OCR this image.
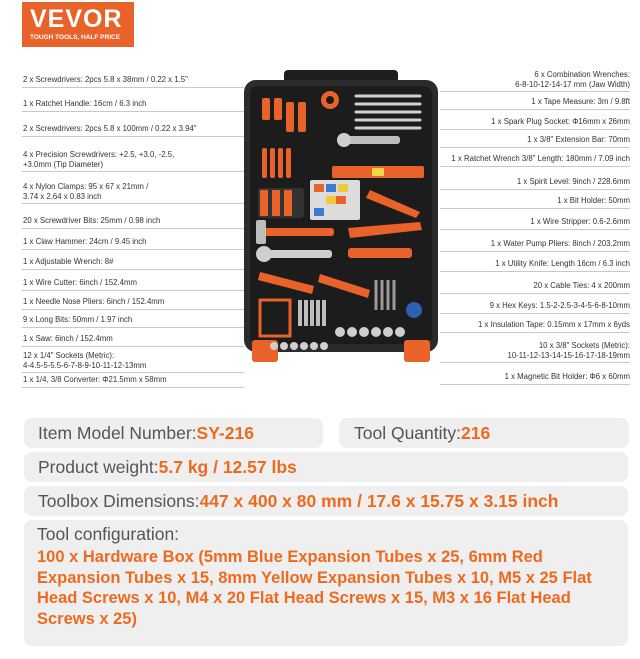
VEVOR
TOUGH TOOLS, HALF PRICE
2 x Screwdrivers: 2pcs 5.8 x 38mm / 0.22 x 1.5"
1 x Ratchet Handle: 16cm / 6.3 inch
2 x Screwdrivers: 2pcs 5.8 x 100mm / 0.22 x 3.94"
4 x Precision Screwdrivers: +2.5, +3.0, -2.5,
+3.0mm (Tip Diameter)
4 x Nylon Clamps: 95 x 67 x 21mm /
3.74 x 2.64 x 0.83 inch
20 x Screwdriver Bits: 25mm / 0.98 inch
1 x Claw Hammer: 24cm / 9.45 inch
1 x Adjustable Wrench: 8#
1 x Wire Cutter: 6inch / 152.4mm
1 x Needle Nose Pliers: 6inch / 152.4mm
9 x Long Bits: 50mm / 1.97 inch
1 x Saw: 6inch / 152.4mm
12 x 1/4" Sockets (Metric):
4-4.5-5-5.5-6-7-8-9-10-11-12-13mm
1 x 1/4, 3/8 Converter: Φ21.5mm x 58mm
6 x Combination Wrenches:
6-8-10-12-14-17 mm (Jaw Width)
1 x Tape Measure: 3m / 9.8ft
1 x Spark Plug Socket: Φ16mm x 26mm
1 x 3/8" Extension Bar: 70mm
1 x Ratchet Wrench 3/8" Length: 180mm / 7.09 inch
1 x Spirit Level: 9inch / 228.6mm
1 x Bit Holder: 50mm
1 x Wire Stripper: 0.6-2.6mm
1 x Water Pump Pliers: 8inch / 203.2mm
1 x Utility Knife: Length 16cm / 6.3 inch
20 x Cable Ties: 4 x 200mm
9 x Hex Keys: 1.5-2-2.5-3-4-5-6-8-10mm
1 x Insulation Tape: 0.15mm x 17mm x 6yds
10 x 3/8" Sockets (Metric):
10-11-12-13-14-15-16-17-18-19mm
1 x Magnetic Bit Holder: Φ6 x 60mm
Item Model Number:SY-216	Tool Quantity:216
Product weight:5.7 kg / 12.57 lbs
Toolbox Dimensions:447 x 400 x 80 mm / 17.6 x 15.75 x 3.15 inch
Tool configuration:
100 x Hardware Box (5mm Blue Expansion Tubes x 25, 6mm Red Expansion Tubes x 15, 8mm Yellow Expansion Tubes x 10, M5 x 25 Flat Head Screws x 10, M4 x 20 Flat Head Screws x 15, M3 x 16 Flat Head Screws x 25)
